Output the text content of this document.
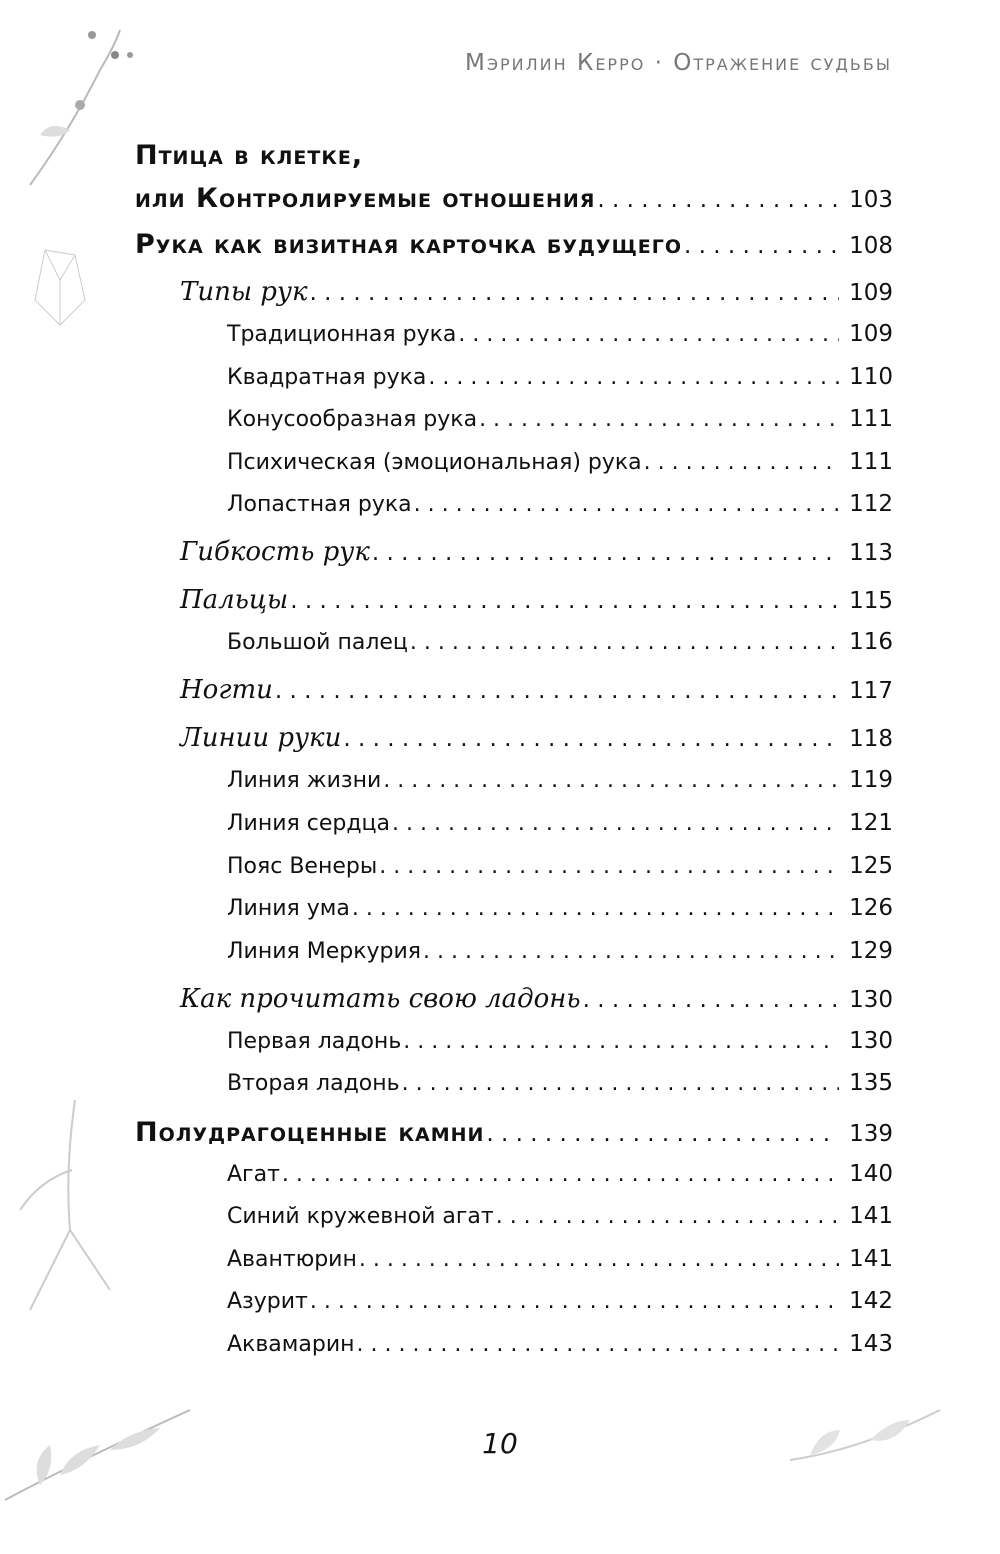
Мэрилин Керро · Отражение судьбы
Птица в клетке,
или Контролируемые отношения . . .	103
Рука как визитная карточка будущего . . .	108
Типы рук . . .	109
Традиционная рука . . .	109
Квадратная рука . . .	110
Конусообразная рука . . .	111
Психическая (эмоциональная) рука . . .	111
Лопастная рука . . .	112
Гибкость рук . . .	113
Пальцы . . .	115
Большой палец . . .	116
Ногти . . .	117
Линии руки . . .	118
Линия жизни . . .	119
Линия сердца . . .	121
Пояс Венеры . . .	125
Линия ума . . .	126
Линия Меркурия . . .	129
Как прочитать свою ладонь . . .	130
Первая ладонь . . .	130
Вторая ладонь . . .	135
Полудрагоценные камни . . .	139
Агат . . .	140
Синий кружевной агат . . .	141
Авантюрин . . .	141
Азурит . . .	142
Аквамарин . . .	143
10
